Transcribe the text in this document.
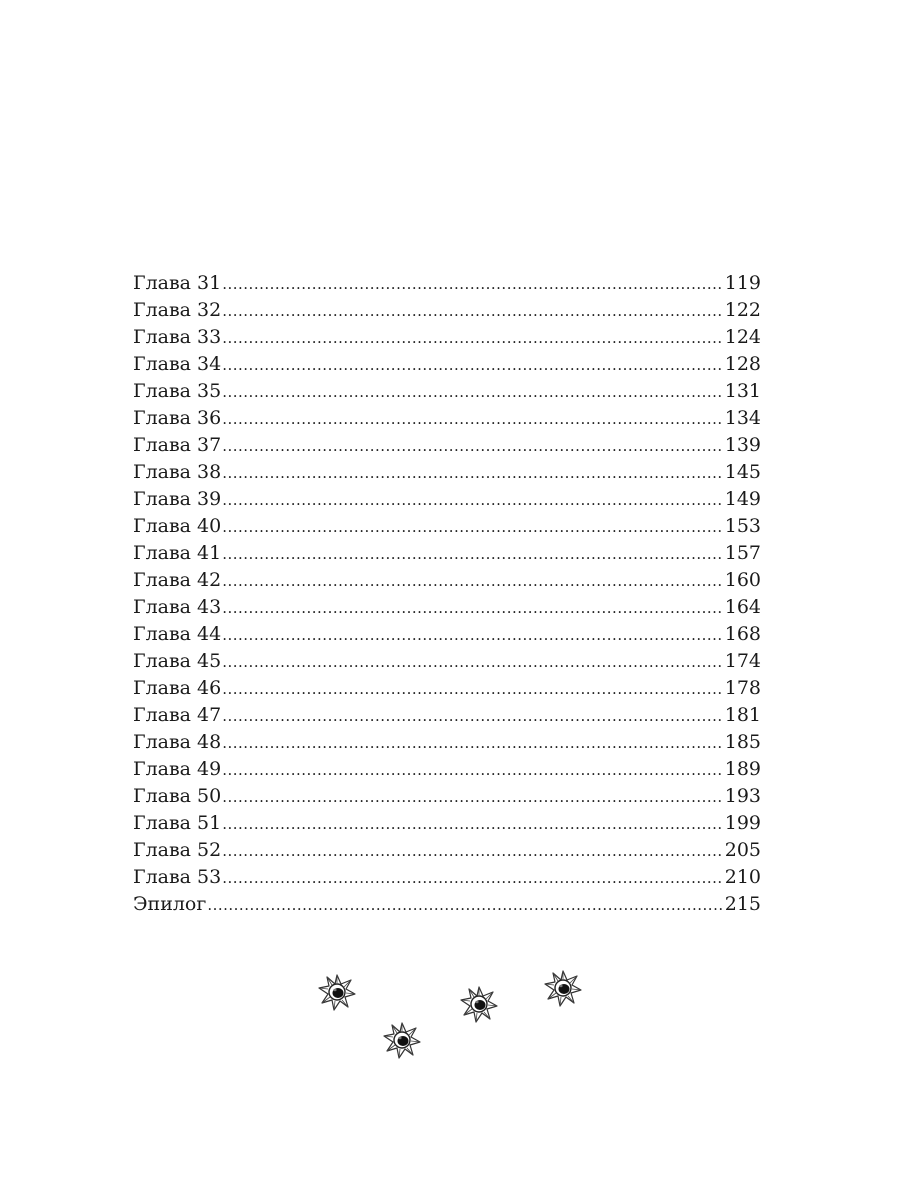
Глава 31 .....	119
Глава 32 .....	122
Глава 33 .....	124
Глава 34 .....	128
Глава 35 .....	131
Глава 36 .....	134
Глава 37 .....	139
Глава 38 .....	145
Глава 39 .....	149
Глава 40 .....	153
Глава 41 .....	157
Глава 42 .....	160
Глава 43 .....	164
Глава 44 .....	168
Глава 45 .....	174
Глава 46 .....	178
Глава 47 .....	181
Глава 48 .....	185
Глава 49 .....	189
Глава 50 .....	193
Глава 51 .....	199
Глава 52 .....	205
Глава 53 .....	210
Эпилог .....	215
